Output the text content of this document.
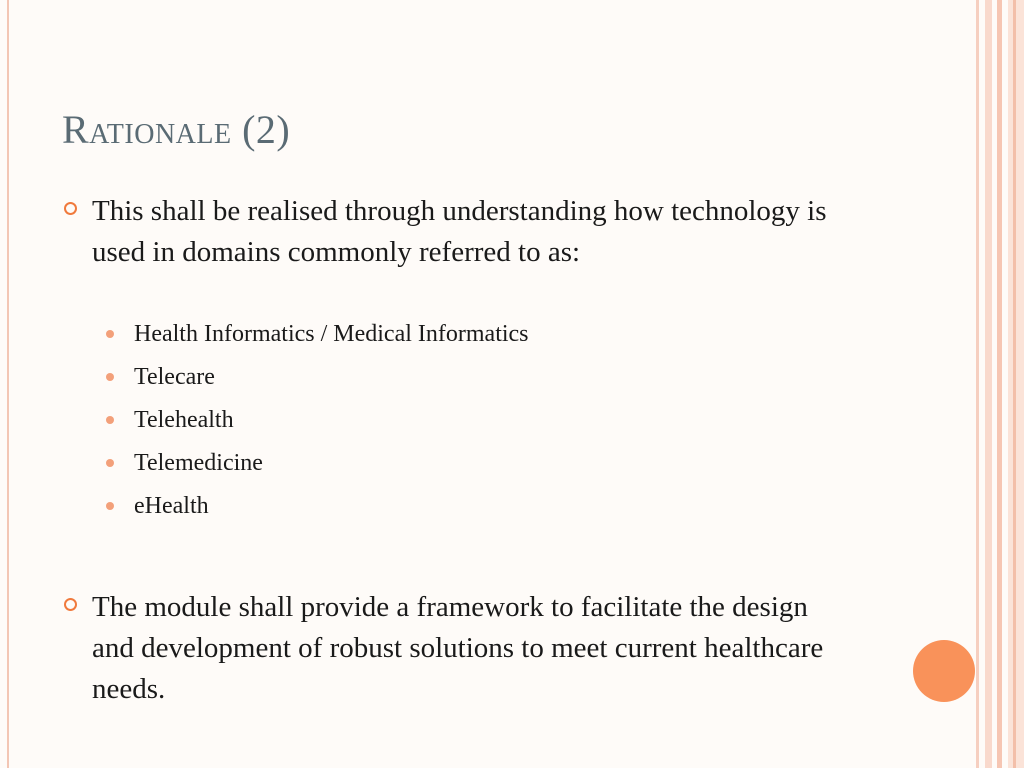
Rationale (2)
This shall be realised through understanding how technology is used in domains commonly referred to as:
Health Informatics / Medical Informatics
Telecare
Telehealth
Telemedicine
eHealth
The module shall provide a framework to facilitate the design and development of robust solutions to meet current healthcare needs.
